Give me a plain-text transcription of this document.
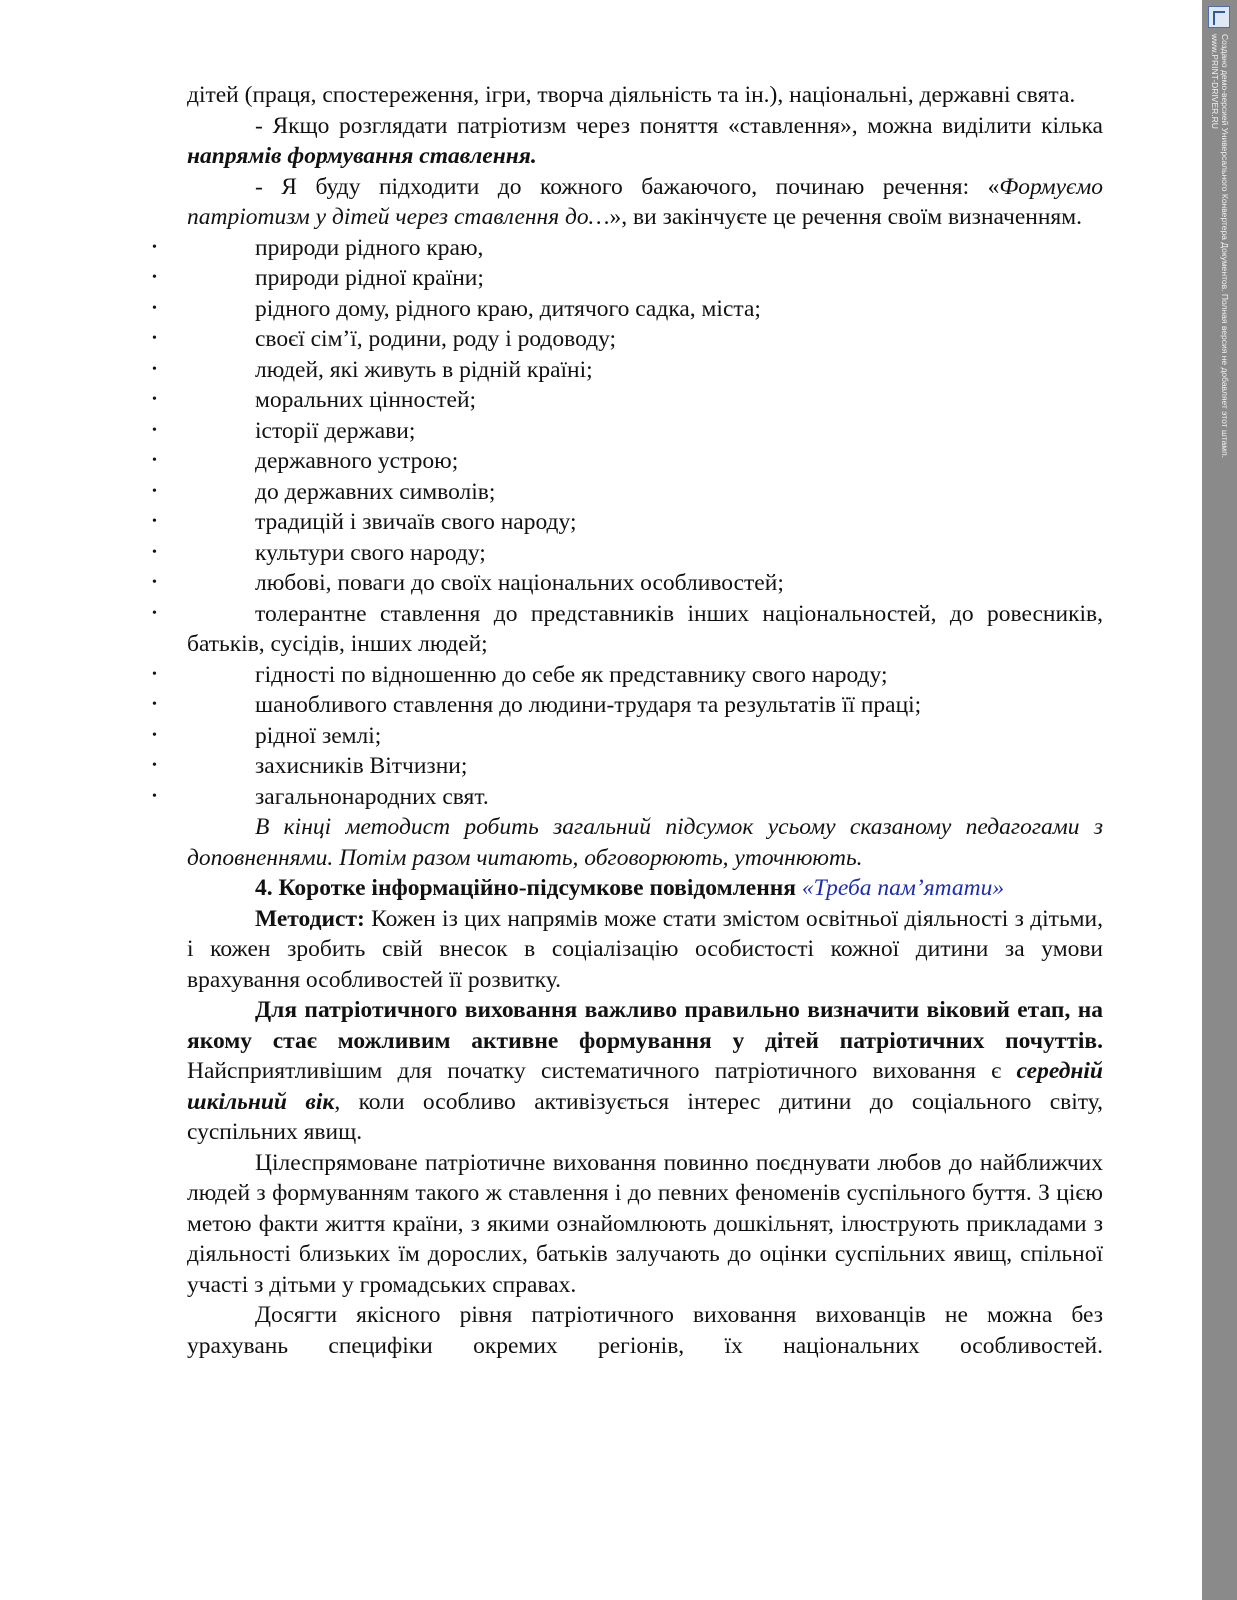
дітей (праця, спостереження, ігри, творча діяльність та ін.), національні, державні свята.

- Якщо розглядати патріотизм через поняття «ставлення», можна виділити кілька напрямів формування ставлення.

- Я буду підходити до кожного бажаючого, починаю речення: «Формуємо патріотизм у дітей через ставлення до…», ви закінчуєте це речення своїм визначенням.

•	природи рідного краю,
•	природи рідної країни;
•	рідного дому, рідного краю, дитячого садка, міста;
•	своєї сім’ї, родини, роду і родоводу;
•	людей, які живуть в рідній країні;
•	моральних цінностей;
•	історії держави;
•	державного устрою;
•	до державних символів;
•	традицій і звичаїв свого народу;
•	культури свого народу;
•	любові, поваги до своїх національних особливостей;
•	толерантне ставлення до представників інших національностей, до ровесників, батьків, сусідів, інших людей;
•	гідності по відношенню до себе як представнику свого народу;
•	шанобливого ставлення до людини-трударя та результатів її праці;
•	рідної землі;
•	захисників Вітчизни;
•	загальнонародних свят.

В кінці методист робить загальний підсумок усьому сказаному педагогами з доповненнями. Потім разом читають, обговорюють, уточнюють.

4. Коротке інформаційно-підсумкове повідомлення «Треба пам’ятати»

Методист: Кожен із цих напрямів може стати змістом освітньої діяльності з дітьми, і кожен зробить свій внесок в соціалізацію особистості кожної дитини за умови врахування особливостей її розвитку.

Для патріотичного виховання важливо правильно визначити віковий етап, на якому стає можливим активне формування у дітей патріотичних почуттів. Найсприятливішим для початку систематичного патріотичного виховання є середній шкільний вік, коли особливо активізується інтерес дитини до соціального світу, суспільних явищ.

Цілеспрямоване патріотичне виховання повинно поєднувати любов до найближчих людей з формуванням такого ж ставлення і до певних феноменів суспільного буття. З цією метою факти життя країни, з якими ознайомлюють дошкільнят, ілюструють прикладами з діяльності близьких їм дорослих, батьків залучають до оцінки суспільних явищ, спільної участі з дітьми у громадських справах.

Досягти якісного рівня патріотичного виховання вихованців не можна без урахувань специфіки окремих регіонів, їх національних особливостей.

Создано демо-версией Универсального Конвертера Документов. Полная версия не добавляет этот штамп.
www.PRINT-DRIVER.RU
